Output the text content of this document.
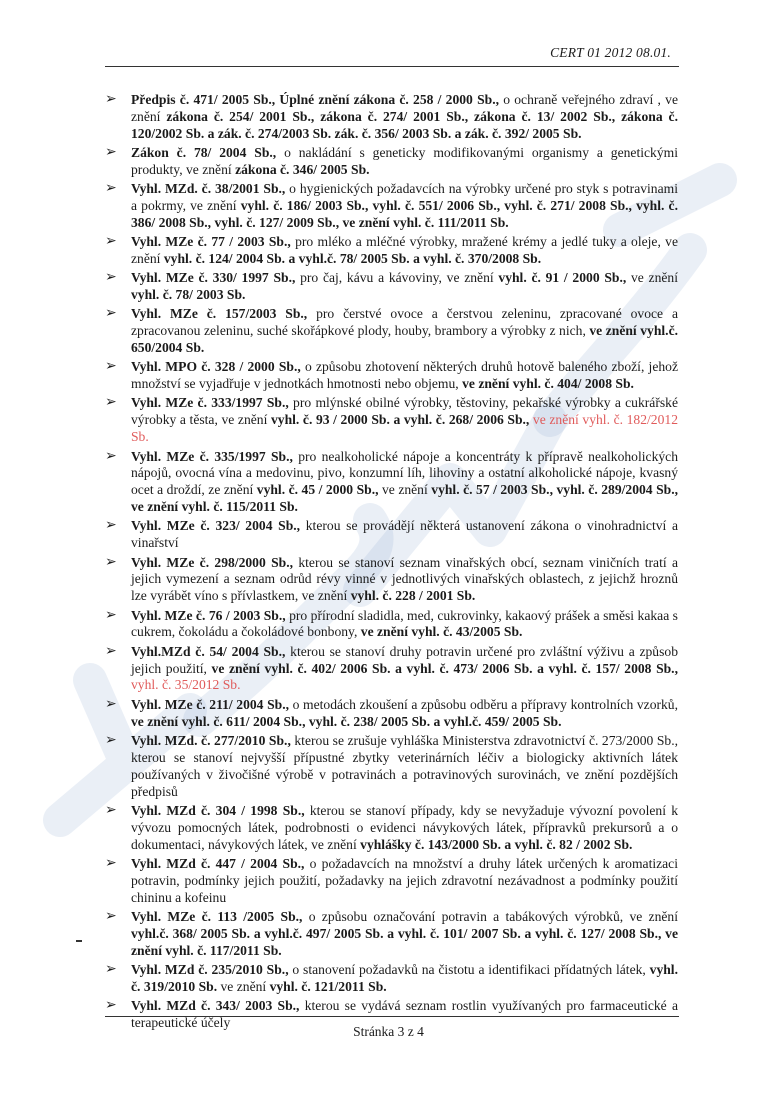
CERT 01 2012 08.01.
➢ Předpis č. 471/ 2005 Sb., Úplné znění zákona č. 258 / 2000 Sb., o ochraně veřejného zdraví , ve znění zákona č. 254/ 2001 Sb., zákona č. 274/ 2001 Sb., zákona č. 13/ 2002 Sb., zákona č. 120/2002 Sb. a zák. č. 274/2003 Sb. zák. č. 356/ 2003 Sb. a zák. č. 392/ 2005 Sb.
➢ Zákon č. 78/ 2004 Sb., o nakládání s geneticky modifikovanými organismy a genetickými produkty, ve znění zákona č. 346/ 2005 Sb.
➢ Vyhl. MZd. č. 38/2001 Sb., o hygienických požadavcích na výrobky určené pro styk s potravinami a pokrmy, ve znění vyhl. č. 186/ 2003 Sb., vyhl. č. 551/ 2006 Sb., vyhl. č. 271/ 2008 Sb., vyhl. č. 386/ 2008 Sb., vyhl. č. 127/ 2009 Sb., ve znění vyhl. č. 111/2011 Sb.
➢ Vyhl. MZe č. 77 / 2003 Sb., pro mléko a mléčné výrobky, mražené krémy a jedlé tuky a oleje, ve znění vyhl. č. 124/ 2004 Sb. a vyhl.č. 78/ 2005 Sb. a vyhl. č. 370/2008 Sb.
➢ Vyhl. MZe č. 330/ 1997 Sb., pro čaj, kávu a kávoviny, ve znění vyhl. č. 91 / 2000 Sb., ve znění vyhl. č. 78/ 2003 Sb.
➢ Vyhl. MZe č. 157/2003 Sb., pro čerstvé ovoce a čerstvou zeleninu, zpracované ovoce a zpracovanou zeleninu, suché skořápkové plody, houby, brambory a výrobky z nich, ve znění vyhl.č. 650/2004 Sb.
➢ Vyhl. MPO č. 328 / 2000 Sb., o způsobu zhotovení některých druhů hotově baleného zboží, jehož množství se vyjadřuje v jednotkách hmotnosti nebo objemu, ve znění vyhl. č. 404/ 2008 Sb.
➢ Vyhl. MZe č. 333/1997 Sb., pro mlýnské obilné výrobky, těstoviny, pekařské výrobky a cukrářské výrobky a těsta, ve znění vyhl. č. 93 / 2000 Sb. a vyhl. č. 268/ 2006 Sb., ve znění vyhl. č. 182/2012 Sb.
➢ Vyhl. MZe č. 335/1997 Sb., pro nealkoholické nápoje a koncentráty k přípravě nealkoholických nápojů, ovocná vína a medovinu, pivo, konzumní líh, lihoviny a ostatní alkoholické nápoje, kvasný ocet a droždí, ze znění vyhl. č. 45 / 2000 Sb., ve znění vyhl. č. 57 / 2003 Sb., vyhl. č. 289/2004 Sb., ve znění vyhl. č. 115/2011 Sb.
➢ Vyhl. MZe č. 323/ 2004 Sb., kterou se provádějí některá ustanovení zákona o vinohradnictví a vinařství
➢ Vyhl. MZe č. 298/2000 Sb., kterou se stanoví seznam vinařských obcí, seznam viničních tratí a jejich vymezení a seznam odrůd révy vinné v jednotlivých vinařských oblastech, z jejichž hroznů lze vyrábět víno s přívlastkem, ve znění vyhl. č. 228 / 2001 Sb.
➢ Vyhl. MZe č. 76 / 2003 Sb., pro přírodní sladidla, med, cukrovinky, kakaový prášek a směsi kakaa s cukrem, čokoládu a čokoládové bonbony, ve znění vyhl. č. 43/2005 Sb.
➢ Vyhl.MZd č. 54/ 2004 Sb., kterou se stanoví druhy potravin určené pro zvláštní výživu a způsob jejich použití, ve znění vyhl. č. 402/ 2006 Sb. a vyhl. č. 473/ 2006 Sb. a vyhl. č. 157/ 2008 Sb., vyhl. č. 35/2012 Sb.
➢ Vyhl. MZe č. 211/ 2004 Sb., o metodách zkoušení a způsobu odběru a přípravy kontrolních vzorků, ve znění vyhl. č. 611/ 2004 Sb., vyhl. č. 238/ 2005 Sb. a vyhl.č. 459/ 2005 Sb.
➢ Vyhl. MZd. č. 277/2010 Sb., kterou se zrušuje vyhláška Ministerstva zdravotnictví č. 273/2000 Sb., kterou se stanoví nejvyšší přípustné zbytky veterinárních léčiv a biologicky aktivních látek používaných v živočišné výrobě v potravinách a potravinových surovinách, ve znění pozdějších předpisů
➢ Vyhl. MZd č. 304 / 1998 Sb., kterou se stanoví případy, kdy se nevyžaduje vývozní povolení k vývozu pomocných látek, podrobnosti o evidenci návykových látek, přípravků prekursorů a o dokumentaci, návykových látek, ve znění vyhlášky č. 143/2000 Sb. a vyhl. č. 82 / 2002 Sb.
➢ Vyhl. MZd č. 447 / 2004 Sb., o požadavcích na množství a druhy látek určených k aromatizaci potravin, podmínky jejich použití, požadavky na jejich zdravotní nezávadnost a podmínky použití chininu a kofeinu
➢ Vyhl. MZe č. 113 /2005 Sb., o způsobu označování potravin a tabákových výrobků, ve znění vyhl.č. 368/ 2005 Sb. a vyhl.č. 497/ 2005 Sb. a vyhl. č. 101/ 2007 Sb. a vyhl. č. 127/ 2008 Sb., ve znění vyhl. č. 117/2011 Sb.
➢ Vyhl. MZd č. 235/2010 Sb., o stanovení požadavků na čistotu a identifikaci přídatných látek, vyhl. č. 319/2010 Sb. ve znění vyhl. č. 121/2011 Sb.
➢ Vyhl. MZd č. 343/ 2003 Sb., kterou se vydává seznam rostlin využívaných pro farmaceutické a terapeutické účely
Stránka 3 z 4
